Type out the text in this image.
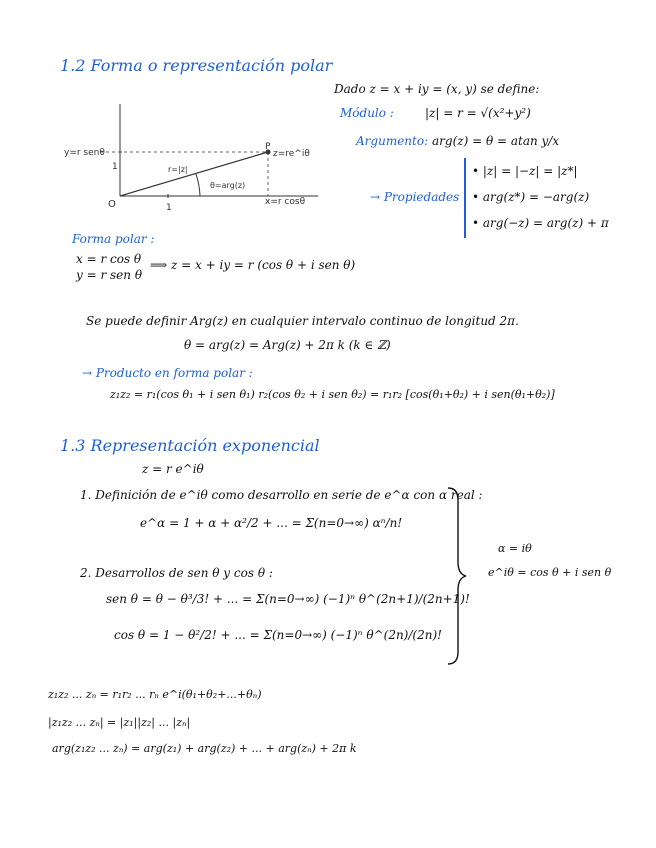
1.2 Forma o representación polar
Dado z = x + iy = (x, y) se define:
Módulo :	|z| = r = √(x²+y²)
Argumento: arg(z) = θ = atan y/x
→ Propiedades
• |z| = |−z| = |z*|
• arg(z*) = −arg(z)
• arg(−z) = arg(z) + π
y=r senθ
1
O	1
x=r cosθ
P
z=re^iθ
r=|z|
θ=arg(z)
Forma polar :
x = r cos θ
y = r sen θ
⟹ z = x + iy = r (cos θ + i sen θ)
Se puede definir Arg(z) en cualquier intervalo continuo de longitud 2π.
θ = arg(z) = Arg(z) + 2π k (k ∈ ℤ)
→ Producto en forma polar :
z₁z₂ = r₁(cos θ₁ + i sen θ₁) r₂(cos θ₂ + i sen θ₂) = r₁r₂ [cos(θ₁+θ₂) + i sen(θ₁+θ₂)]
1.3 Representación exponencial
z = r e^iθ
1. Definición de e^iθ como desarrollo en serie de e^α con α real :
e^α = 1 + α + α²/2 + ... = Σ(n=0→∞) αⁿ/n!
2. Desarrollos de sen θ y cos θ :
sen θ = θ − θ³/3! + ... = Σ(n=0→∞) (−1)ⁿ θ^(2n+1)/(2n+1)!
cos θ = 1 − θ²/2! + ... = Σ(n=0→∞) (−1)ⁿ θ^(2n)/(2n)!
α = iθ
e^iθ = cos θ + i sen θ
z₁z₂ ... zₙ = r₁r₂ ... rₙ e^i(θ₁+θ₂+...+θₙ)
|z₁z₂ ... zₙ| = |z₁||z₂| ... |zₙ|
arg(z₁z₂ ... zₙ) = arg(z₁) + arg(z₂) + ... + arg(zₙ) + 2π k
